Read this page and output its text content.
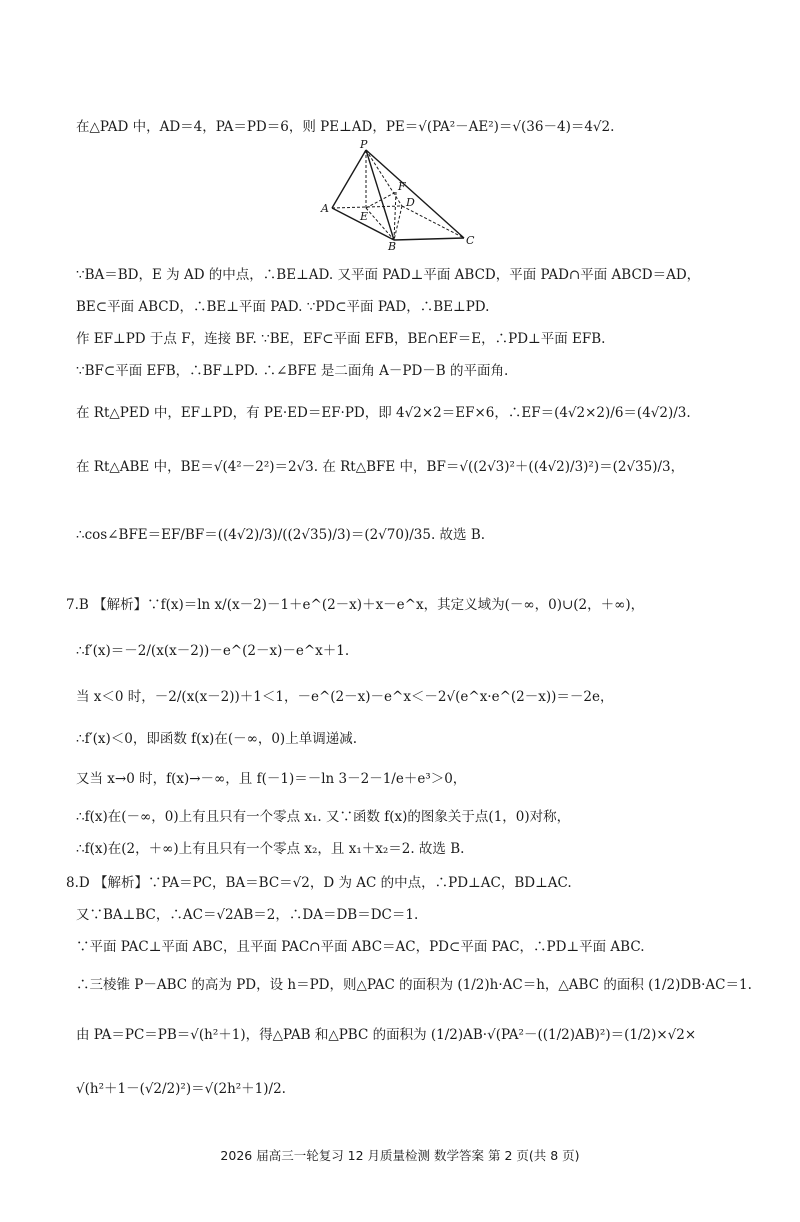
在△PAD 中，AD＝4，PA＝PD＝6，则 PE⊥AD，PE＝√(PA²－AE²)＝√(36－4)＝4√2.
P
A
B	C
D
E
F
∵BA＝BD，E 为 AD 的中点，∴BE⊥AD. 又平面 PAD⊥平面 ABCD，平面 PAD∩平面 ABCD＝AD，
BE⊂平面 ABCD，∴BE⊥平面 PAD. ∵PD⊂平面 PAD，∴BE⊥PD.
作 EF⊥PD 于点 F，连接 BF. ∵BE，EF⊂平面 EFB，BE∩EF＝E，∴PD⊥平面 EFB.
∵BF⊂平面 EFB，∴BF⊥PD. ∴∠BFE 是二面角 A－PD－B 的平面角.
在 Rt△PED 中，EF⊥PD，有 PE·ED＝EF·PD，即 4√2×2＝EF×6，∴EF＝(4√2×2)/6＝(4√2)/3.
在 Rt△ABE 中，BE＝√(4²－2²)＝2√3. 在 Rt△BFE 中，BF＝√((2√3)²＋((4√2)/3)²)＝(2√35)/3，
∴cos∠BFE＝EF/BF＝((4√2)/3)/((2√35)/3)＝(2√70)/35. 故选 B.
7.B 【解析】∵f(x)＝ln x/(x－2)－1＋e^(2－x)＋x－e^x，其定义域为(－∞，0)∪(2，＋∞)，
∴f′(x)＝－2/(x(x－2))－e^(2－x)－e^x＋1.
当 x＜0 时，－2/(x(x－2))＋1＜1，－e^(2－x)－e^x＜－2√(e^x·e^(2－x))＝－2e，
∴f′(x)＜0，即函数 f(x)在(－∞，0)上单调递减.
又当 x→0 时，f(x)→－∞，且 f(－1)＝－ln 3－2－1/e＋e³＞0，
∴f(x)在(－∞，0)上有且只有一个零点 x₁. 又∵函数 f(x)的图象关于点(1，0)对称，
∴f(x)在(2，＋∞)上有且只有一个零点 x₂，且 x₁＋x₂＝2. 故选 B.
8.D 【解析】∵PA＝PC，BA＝BC＝√2，D 为 AC 的中点，∴PD⊥AC，BD⊥AC.
又∵BA⊥BC，∴AC＝√2AB＝2，∴DA＝DB＝DC＝1.
∵平面 PAC⊥平面 ABC，且平面 PAC∩平面 ABC＝AC，PD⊂平面 PAC，∴PD⊥平面 ABC.
∴三棱锥 P－ABC 的高为 PD，设 h＝PD，则△PAC 的面积为 (1/2)h·AC＝h，△ABC 的面积 (1/2)DB·AC＝1.
由 PA＝PC＝PB＝√(h²＋1)，得△PAB 和△PBC 的面积为 (1/2)AB·√(PA²－((1/2)AB)²)＝(1/2)×√2×
√(h²＋1－(√2/2)²)＝√(2h²＋1)/2.
2026 届高三一轮复习 12 月质量检测 数学答案 第 2 页(共 8 页)
